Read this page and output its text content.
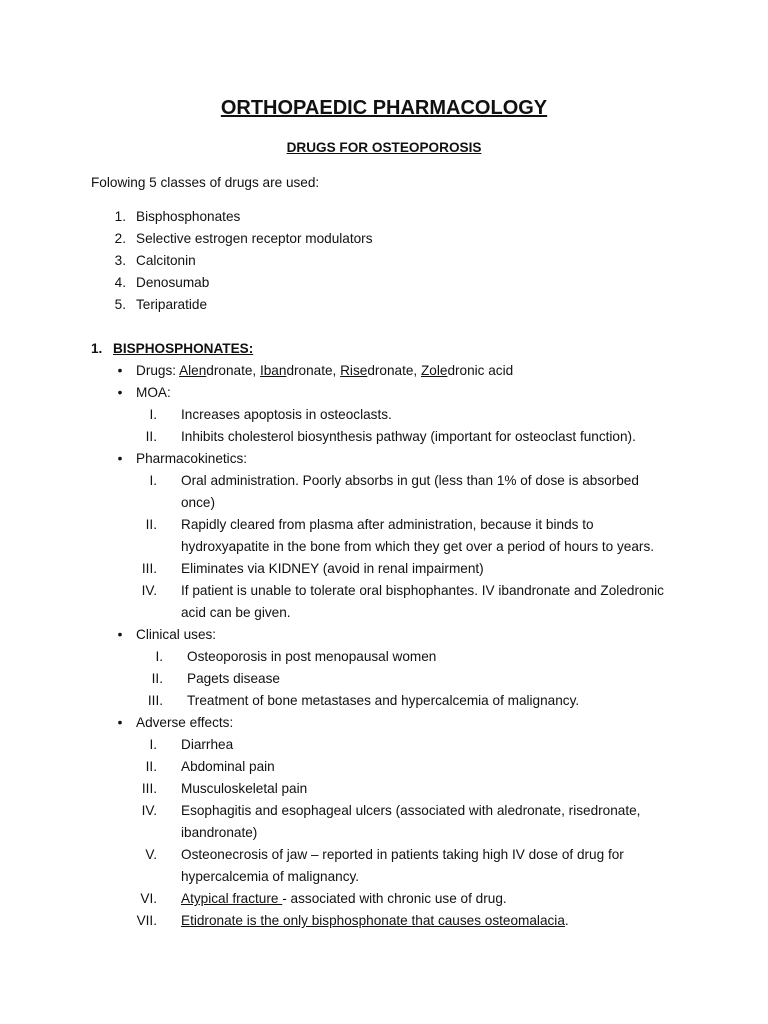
ORTHOPAEDIC PHARMACOLOGY
DRUGS FOR OSTEOPOROSIS
Folowing 5 classes of drugs are used:
1. Bisphosphonates
2. Selective estrogen receptor modulators
3. Calcitonin
4. Denosumab
5. Teriparatide
1. BISPHOSPHONATES:
• Drugs: Alendronate, Ibandronate, Risedronate, Zoledronic acid
• MOA:
I. Increases apoptosis in osteoclasts.
II. Inhibits cholesterol biosynthesis pathway (important for osteoclast function).
• Pharmacokinetics:
I. Oral administration. Poorly absorbs in gut (less than 1% of dose is absorbed
once)
II. Rapidly cleared from plasma after administration, because it binds to
hydroxyapatite in the bone from which they get over a period of hours to years.
III. Eliminates via KIDNEY (avoid in renal impairment)
IV. If patient is unable to tolerate oral bisphophantes. IV ibandronate and Zoledronic
acid can be given.
• Clinical uses:
I. Osteoporosis in post menopausal women
II. Pagets disease
III. Treatment of bone metastases and hypercalcemia of malignancy.
• Adverse effects:
I. Diarrhea
II. Abdominal pain
III. Musculoskeletal pain
IV. Esophagitis and esophageal ulcers (associated with aledronate, risedronate,
ibandronate)
V. Osteonecrosis of jaw – reported in patients taking high IV dose of drug for
hypercalcemia of malignancy.
VI. Atypical fracture - associated with chronic use of drug.
VII. Etidronate is the only bisphosphonate that causes osteomalacia.
